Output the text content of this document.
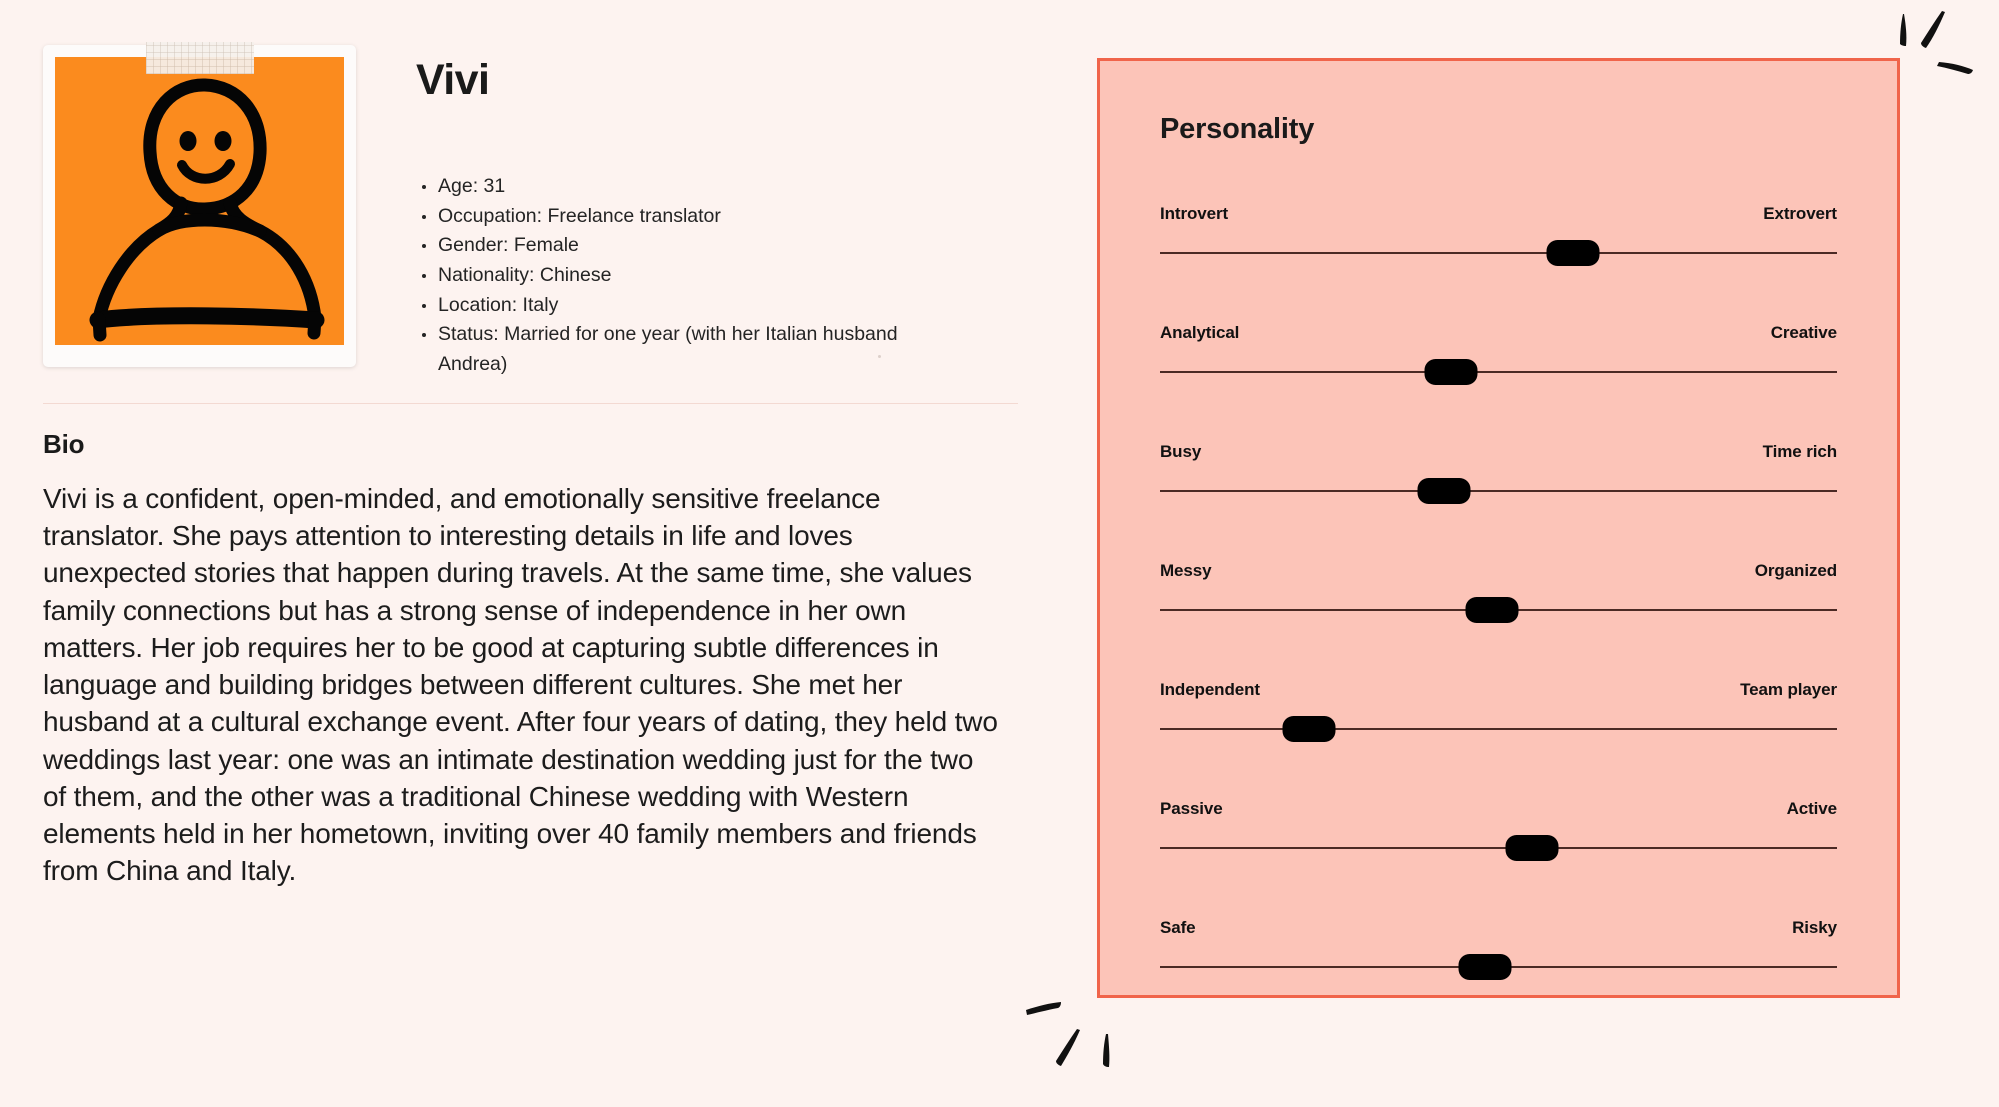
Vivi
Age: 31
Occupation: Freelance translator
Gender: Female
Nationality: Chinese
Location: Italy
Status: Married for one year (with her Italian husband Andrea)
Bio

Vivi is a confident, open-minded, and emotionally sensitive freelance translator. She pays attention to interesting details in life and loves unexpected stories that happen during travels. At the same time, she values family connections but has a strong sense of independence in her own matters. Her job requires her to be good at capturing subtle differences in language and building bridges between different cultures. She met her husband at a cultural exchange event. After four years of dating, they held two weddings last year: one was an intimate destination wedding just for the two of them, and the other was a traditional Chinese wedding with Western elements held in her hometown, inviting over 40 family members and friends from China and Italy.

Personality
Introvert	Extrovert
Analytical	Creative
Busy	Time rich
Messy	Organized
Independent	Team player
Passive	Active
Safe	Risky
